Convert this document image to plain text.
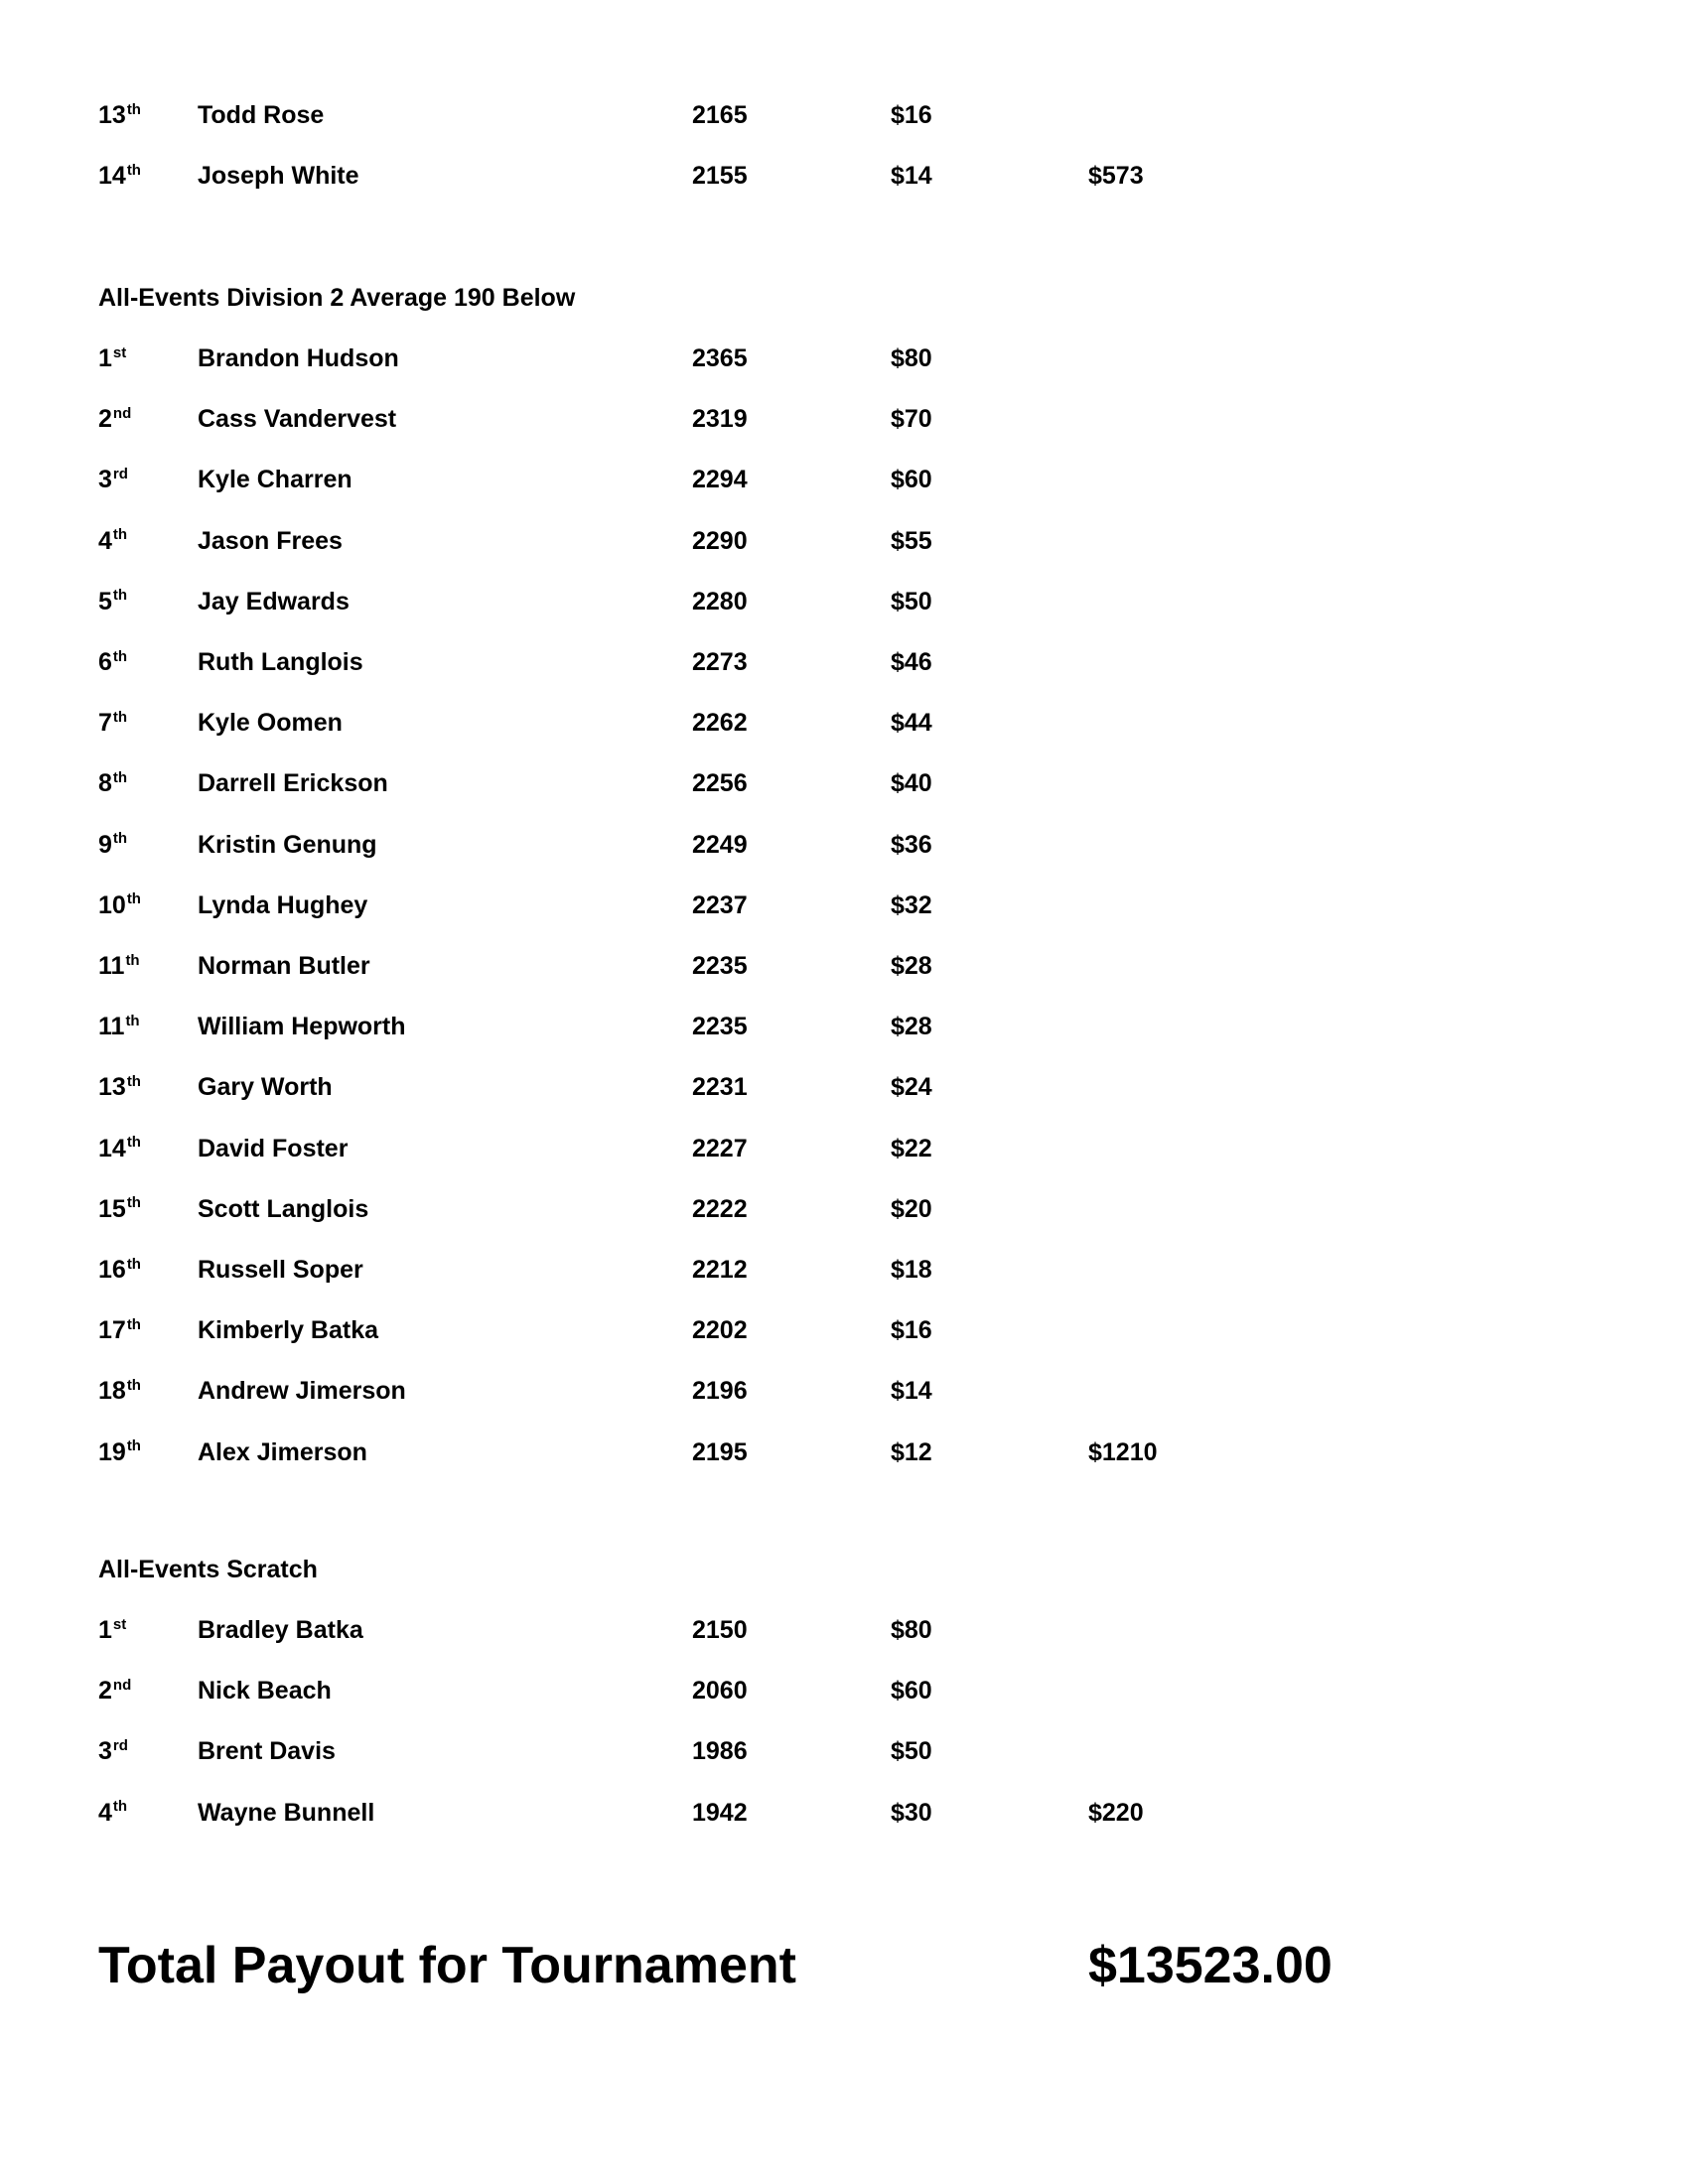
13th Todd Rose	2165	$16
14th Joseph White	2155	$14	$573
All-Events Division 2 Average 190 Below
1st	Brandon Hudson	2365	$80
2nd	Cass Vandervest	2319	$70
3rd	Kyle Charren	2294	$60
4th	Jason Frees	2290	$55
5th	Jay Edwards	2280	$50
6th	Ruth Langlois	2273	$46
7th	Kyle Oomen	2262	$44
8th	Darrell Erickson	2256	$40
9th	Kristin Genung	2249	$36
10th Lynda Hughey	2237	$32
11th Norman Butler	2235	$28
11th William Hepworth	2235	$28
13th Gary Worth	2231	$24
14th David Foster	2227	$22
15th Scott Langlois	2222	$20
16th Russell Soper	2212	$18
17th Kimberly Batka	2202	$16
18th Andrew Jimerson	2196	$14
19th Alex Jimerson	2195	$12	$1210
All-Events Scratch
1st	Bradley Batka	2150	$80
2nd	Nick Beach	2060	$60
3rd	Brent Davis	1986	$50
4th	Wayne Bunnell	1942	$30	$220
Total Payout for Tournament	$13523.00
